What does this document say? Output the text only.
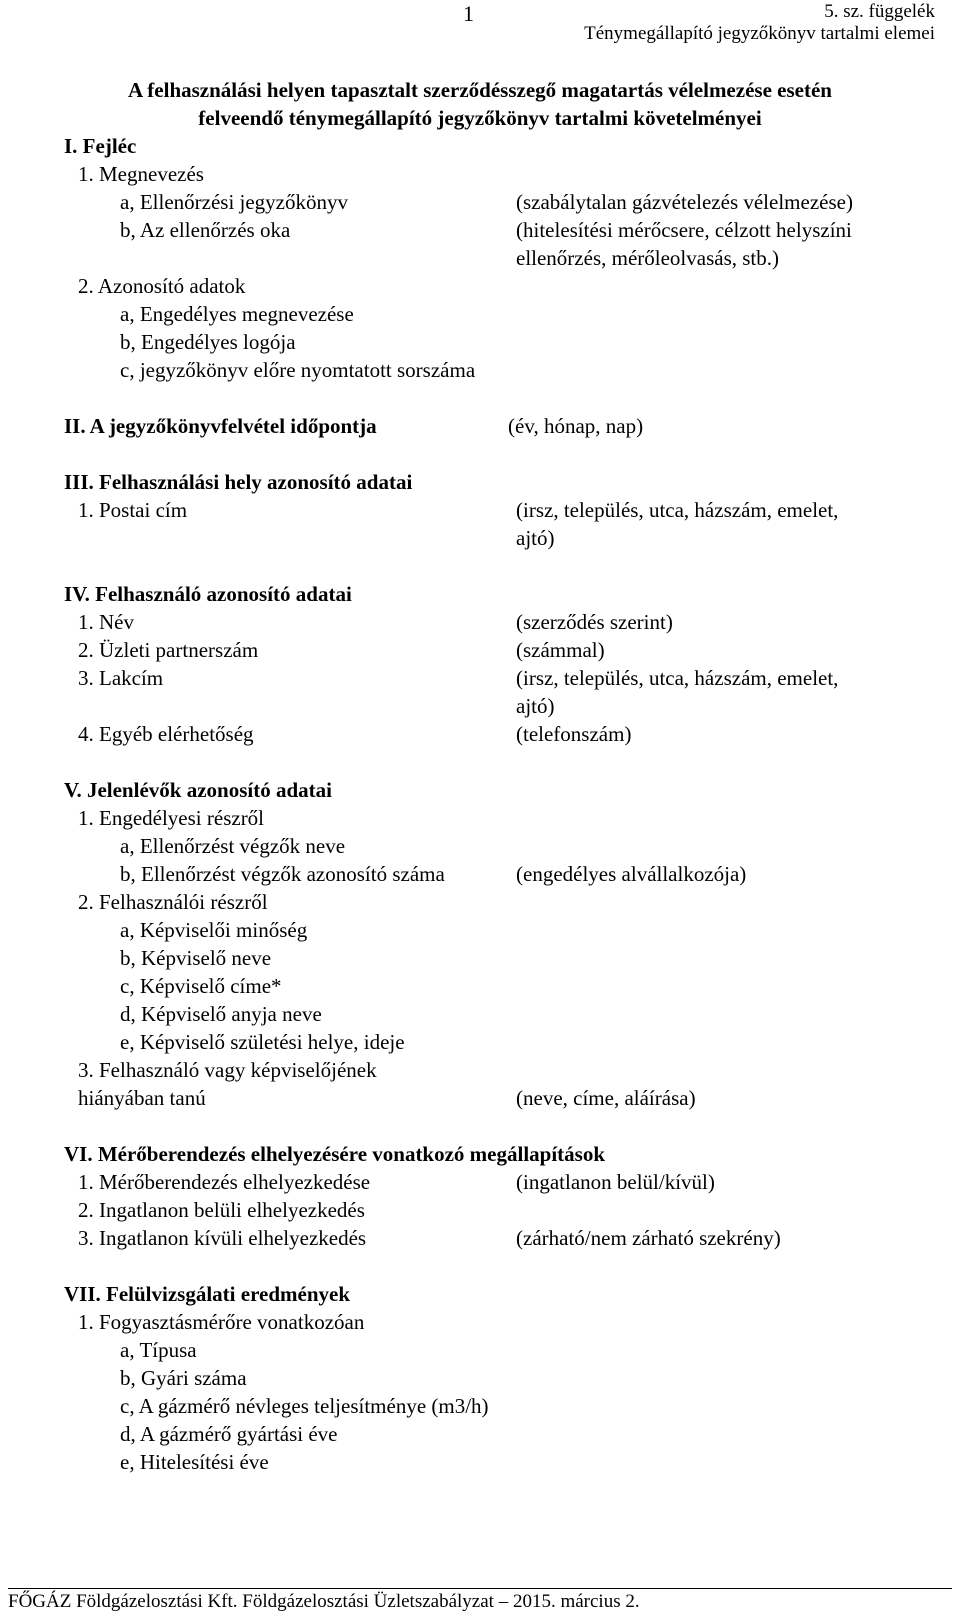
1	5. sz. függelék
Ténymegállapító jegyzőkönyv tartalmi elemei
A felhasználási helyen tapasztalt szerződésszegő magatartás vélelmezése esetén
felveendő ténymegállapító jegyzőkönyv tartalmi követelményei
I. Fejléc
1. Megnevezés
a, Ellenőrzési jegyzőkönyv	(szabálytalan gázvételezés vélelmezése)
b, Az ellenőrzés oka	(hitelesítési mérőcsere, célzott helyszíni
ellenőrzés, mérőleolvasás, stb.)
2. Azonosító adatok
a, Engedélyes megnevezése
b, Engedélyes logója
c, jegyzőkönyv előre nyomtatott sorszáma
II. A jegyzőkönyvfelvétel időpontja	(év, hónap, nap)
III. Felhasználási hely azonosító adatai
1. Postai cím	(irsz, település, utca, házszám, emelet,
ajtó)
IV. Felhasználó azonosító adatai
1. Név	(szerződés szerint)
2. Üzleti partnerszám	(számmal)
3. Lakcím	(irsz, település, utca, házszám, emelet,
ajtó)
4. Egyéb elérhetőség	(telefonszám)
V. Jelenlévők azonosító adatai
1. Engedélyesi részről
a, Ellenőrzést végzők neve
b, Ellenőrzést végzők azonosító száma	(engedélyes alvállalkozója)
2. Felhasználói részről
a, Képviselői minőség
b, Képviselő neve
c, Képviselő címe*
d, Képviselő anyja neve
e, Képviselő születési helye, ideje
3. Felhasználó vagy képviselőjének
hiányában tanú	(neve, címe, aláírása)
VI. Mérőberendezés elhelyezésére vonatkozó megállapítások
1. Mérőberendezés elhelyezkedése	(ingatlanon belül/kívül)
2. Ingatlanon belüli elhelyezkedés
3. Ingatlanon kívüli elhelyezkedés	(zárható/nem zárható szekrény)
VII. Felülvizsgálati eredmények
1. Fogyasztásmérőre vonatkozóan
a, Típusa
b, Gyári száma
c, A gázmérő névleges teljesítménye (m3/h)
d, A gázmérő gyártási éve
e, Hitelesítési éve
FŐGÁZ Földgázelosztási Kft. Földgázelosztási Üzletszabályzat – 2015. március 2.
